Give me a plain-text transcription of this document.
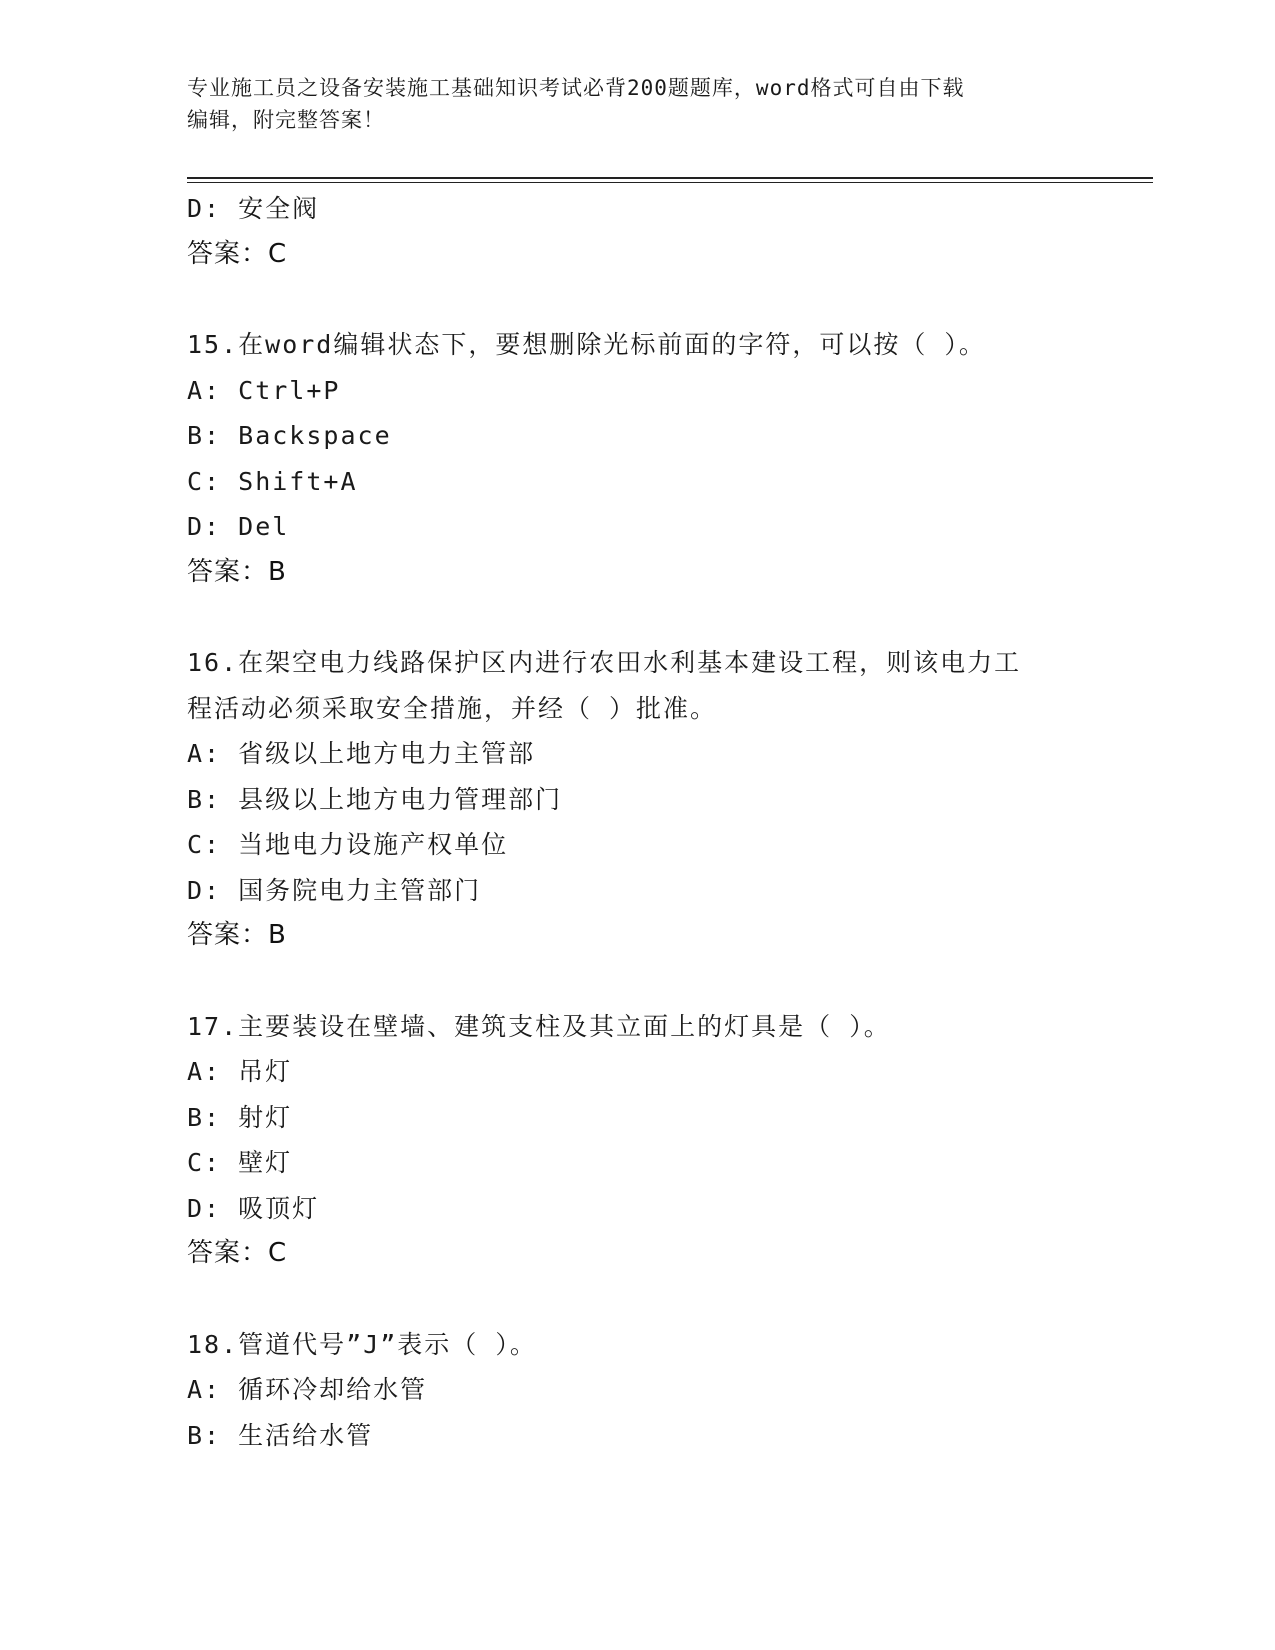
专业施工员之设备安装施工基础知识考试必背200题题库，word格式可自由下载
编辑，附完整答案！
D: 安全阀
答案：C
15.在word编辑状态下，要想删除光标前面的字符，可以按（ ）。
A: Ctrl+P
B: Backspace
C: Shift+A
D: Del
答案：B
16.在架空电力线路保护区内进行农田水利基本建设工程，则该电力工
程活动必须采取安全措施，并经（ ）批准。
A: 省级以上地方电力主管部
B: 县级以上地方电力管理部门
C: 当地电力设施产权单位
D: 国务院电力主管部门
答案：B
17.主要装设在壁墙、建筑支柱及其立面上的灯具是（ ）。
A: 吊灯
B: 射灯
C: 壁灯
D: 吸顶灯
答案：C
18.管道代号”J”表示（ ）。
A: 循环冷却给水管
B: 生活给水管
